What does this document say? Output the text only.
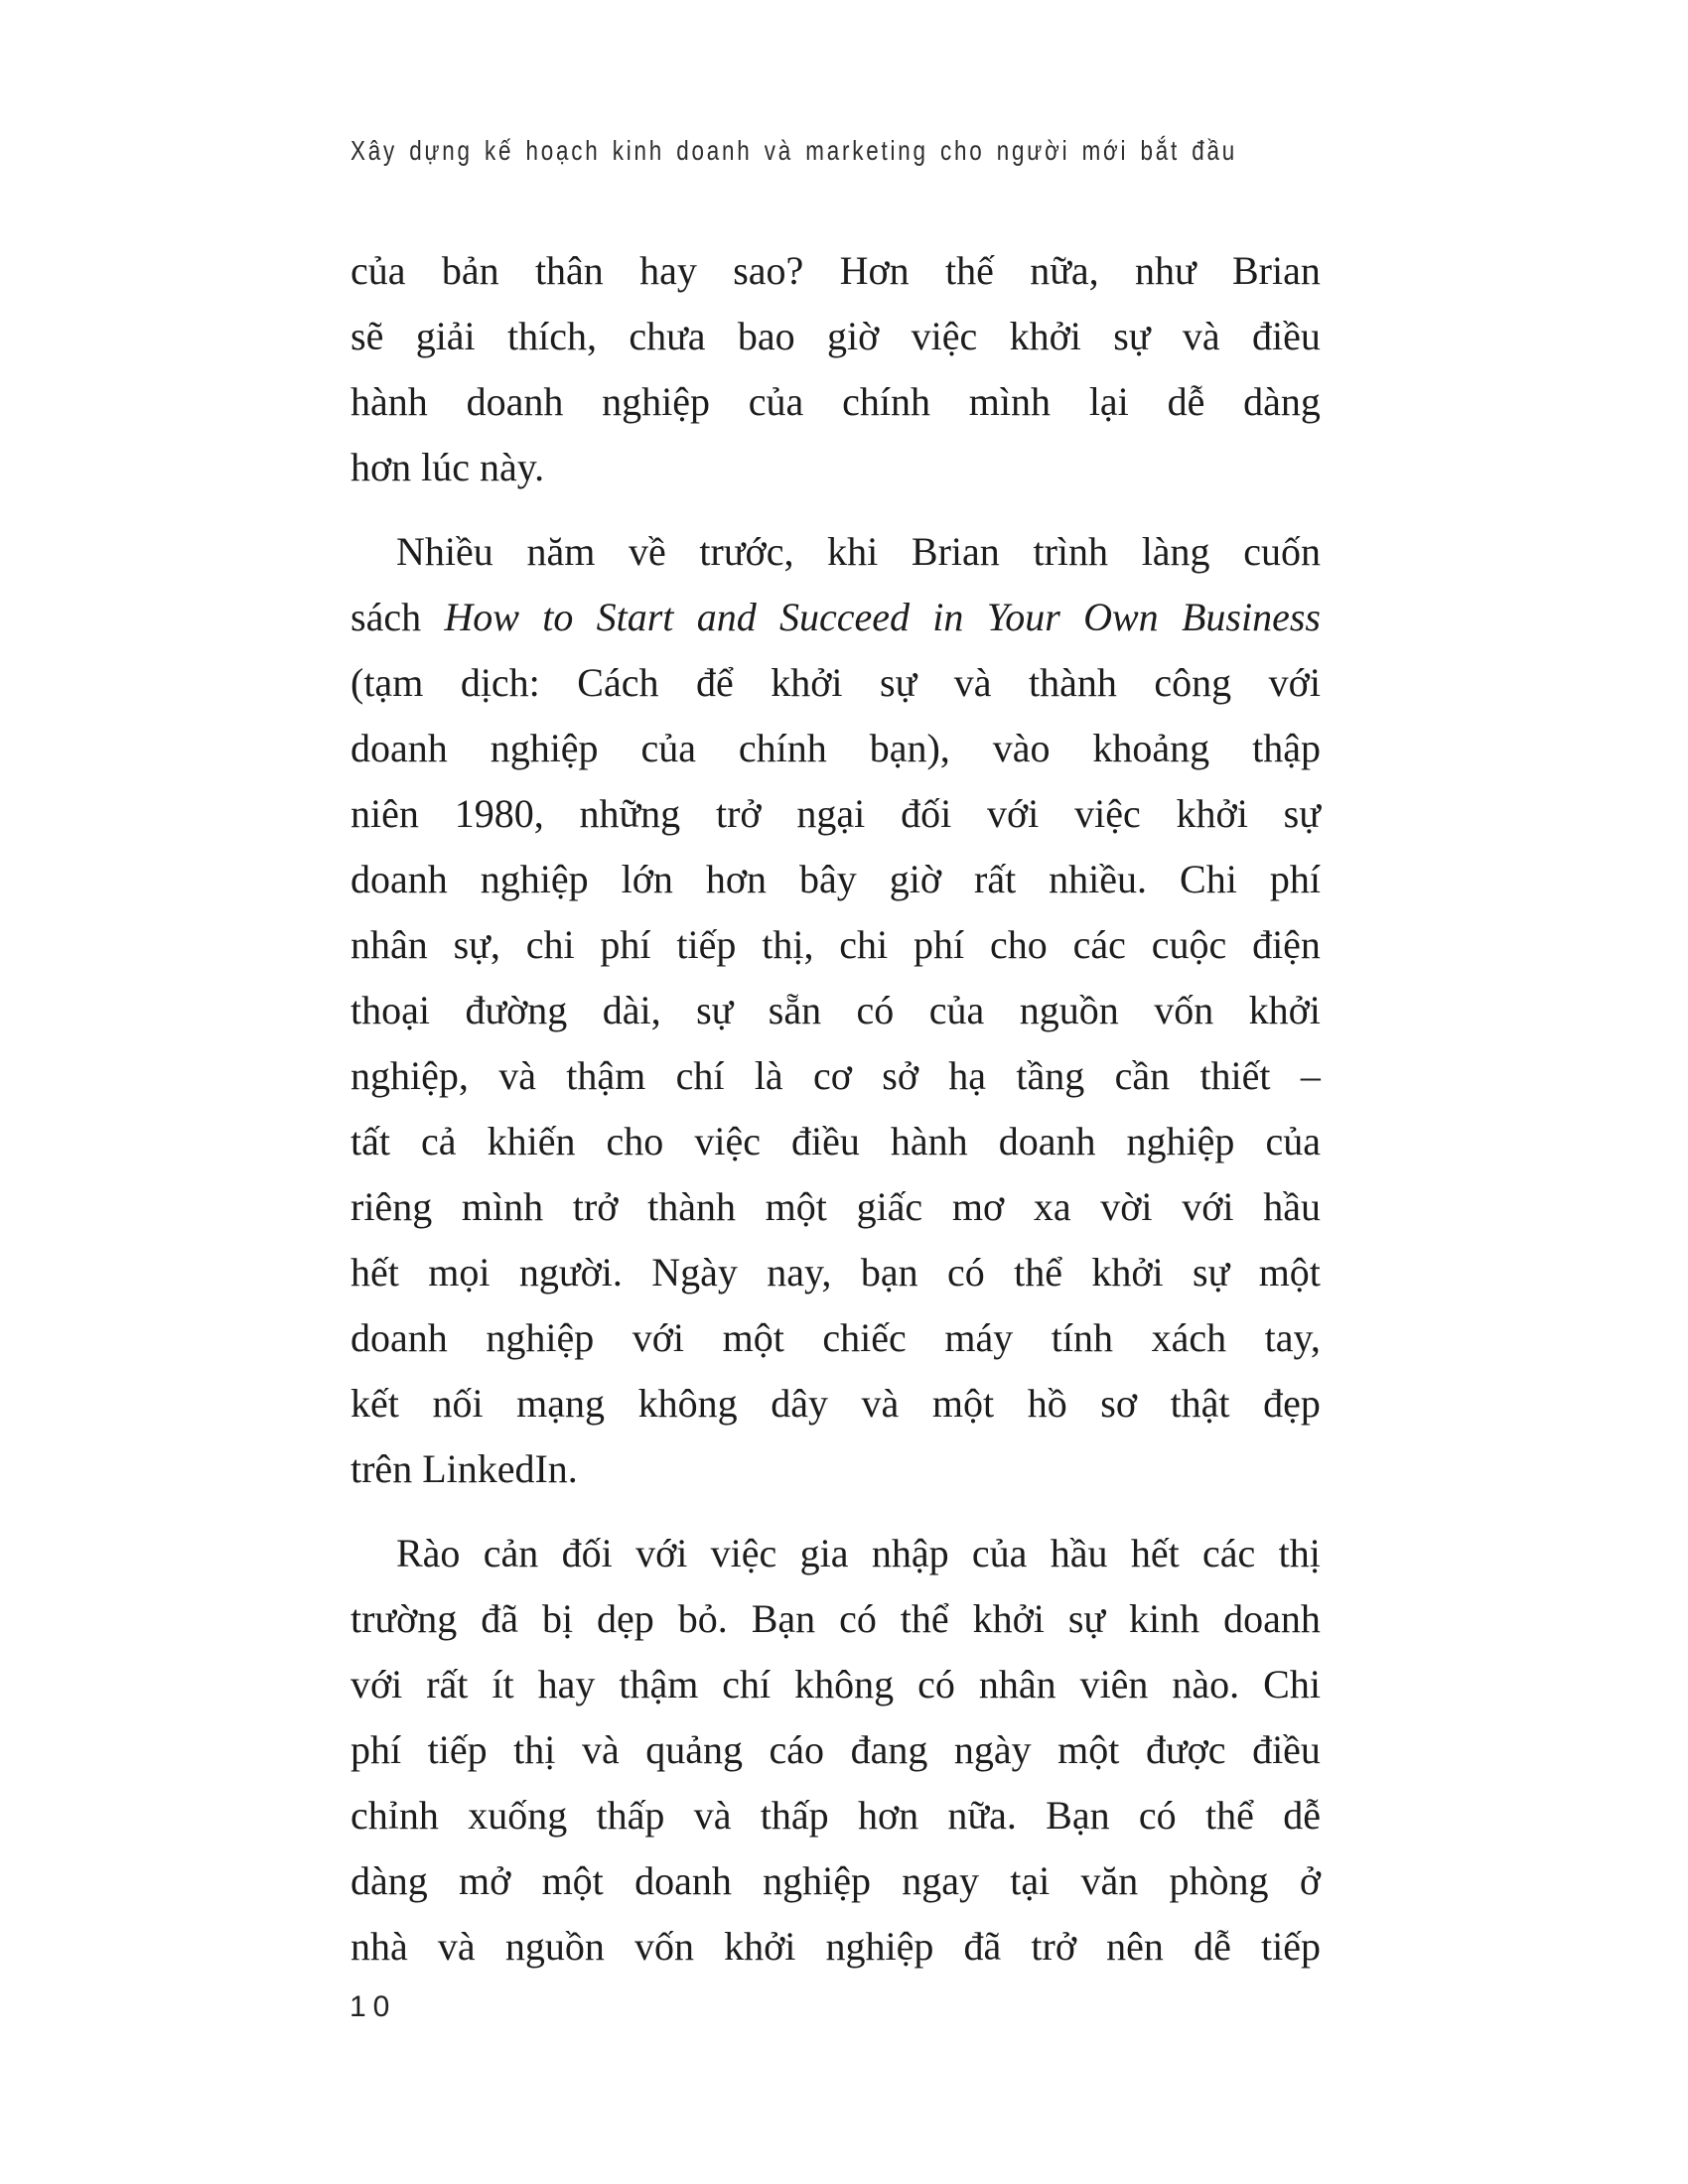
Xây dựng kế hoạch kinh doanh và marketing cho người mới bắt đầu
của bản thân hay sao? Hơn thế nữa, như Brian
sẽ giải thích, chưa bao giờ việc khởi sự và điều
hành doanh nghiệp của chính mình lại dễ dàng
hơn lúc này.
Nhiều năm về trước, khi Brian trình làng cuốn
sách How to Start and Succeed in Your Own Business
(tạm dịch: Cách để khởi sự và thành công với
doanh nghiệp của chính bạn), vào khoảng thập
niên 1980, những trở ngại đối với việc khởi sự
doanh nghiệp lớn hơn bây giờ rất nhiều. Chi phí
nhân sự, chi phí tiếp thị, chi phí cho các cuộc điện
thoại đường dài, sự sẵn có của nguồn vốn khởi
nghiệp, và thậm chí là cơ sở hạ tầng cần thiết –
tất cả khiến cho việc điều hành doanh nghiệp của
riêng mình trở thành một giấc mơ xa vời với hầu
hết mọi người. Ngày nay, bạn có thể khởi sự một
doanh nghiệp với một chiếc máy tính xách tay,
kết nối mạng không dây và một hồ sơ thật đẹp
trên LinkedIn.
Rào cản đối với việc gia nhập của hầu hết các thị
trường đã bị dẹp bỏ. Bạn có thể khởi sự kinh doanh
với rất ít hay thậm chí không có nhân viên nào. Chi
phí tiếp thị và quảng cáo đang ngày một được điều
chỉnh xuống thấp và thấp hơn nữa. Bạn có thể dễ
dàng mở một doanh nghiệp ngay tại văn phòng ở
nhà và nguồn vốn khởi nghiệp đã trở nên dễ tiếp
10
